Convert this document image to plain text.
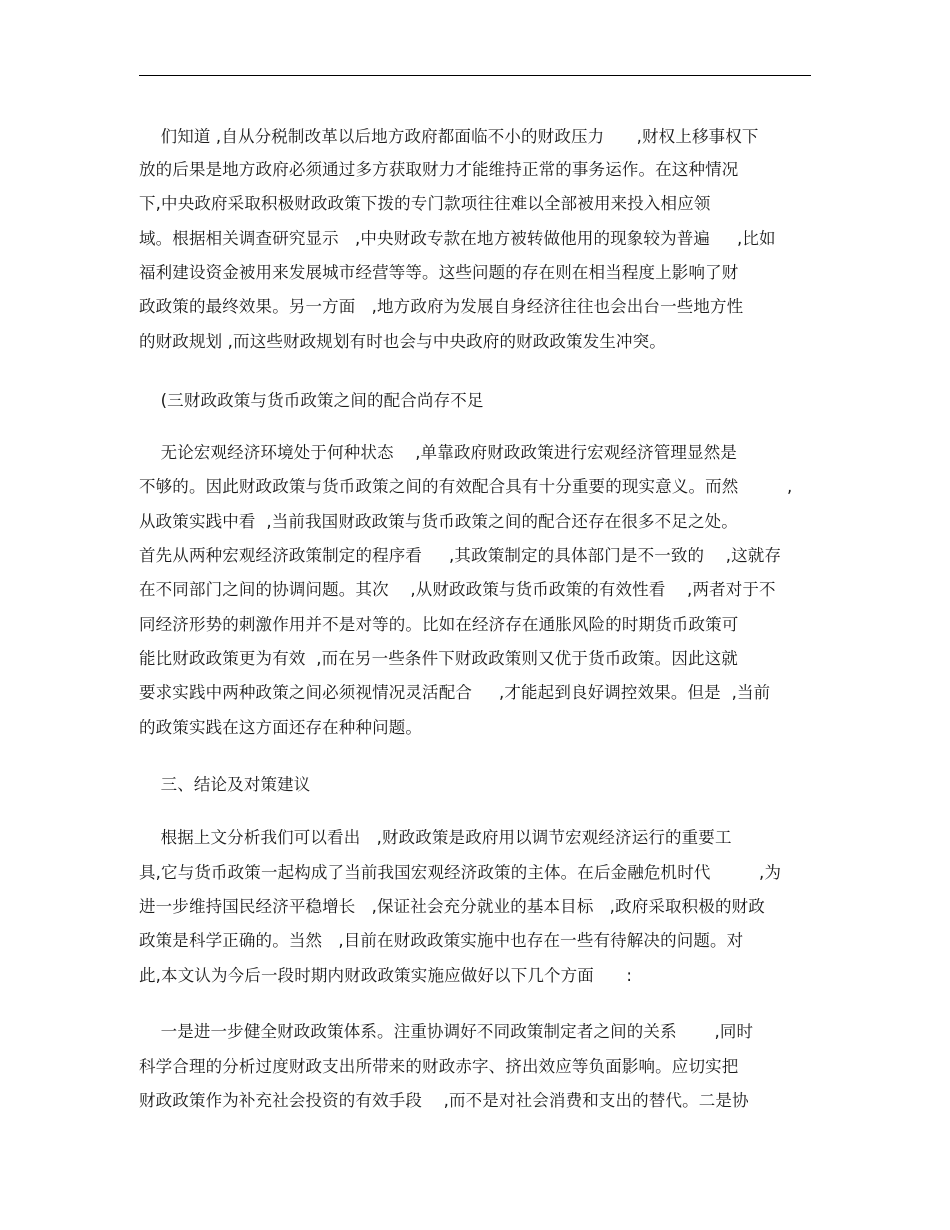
们知道 ,自从分税制改革以后地方政府都面临不小的财政压力      ,财权上移事权下
放的后果是地方政府必须通过多方获取财力才能维持正常的事务运作。在这种情况
下,中央政府采取积极财政政策下拨的专门款项往往难以全部被用来投入相应领
域。根据相关调查研究显示   ,中央财政专款在地方被转做他用的现象较为普遍     ,比如
福利建设资金被用来发展城市经营等等。这些问题的存在则在相当程度上影响了财
政政策的最终效果。另一方面   ,地方政府为发展自身经济往往也会出台一些地方性
的财政规划 ,而这些财政规划有时也会与中央政府的财政政策发生冲突。
(三财政政策与货币政策之间的配合尚存不足
无论宏观经济环境处于何种状态    ,单靠政府财政政策进行宏观经济管理显然是
不够的。因此财政政策与货币政策之间的有效配合具有十分重要的现实意义。而然         ,
从政策实践中看  ,当前我国财政政策与货币政策之间的配合还存在很多不足之处。
首先从两种宏观经济政策制定的程序看     ,其政策制定的具体部门是不一致的    ,这就存
在不同部门之间的协调问题。其次    ,从财政政策与货币政策的有效性看    ,两者对于不
同经济形势的刺激作用并不是对等的。比如在经济存在通胀风险的时期货币政策可
能比财政政策更为有效  ,而在另一些条件下财政政策则又优于货币政策。因此这就
要求实践中两种政策之间必须视情况灵活配合     ,才能起到良好调控效果。但是  ,当前
的政策实践在这方面还存在种种问题。
三、结论及对策建议
根据上文分析我们可以看出   ,财政政策是政府用以调节宏观经济运行的重要工
具,它与货币政策一起构成了当前我国宏观经济政策的主体。在后金融危机时代         ,为
进一步维持国民经济平稳增长   ,保证社会充分就业的基本目标   ,政府采取积极的财政
政策是科学正确的。当然   ,目前在财政政策实施中也存在一些有待解决的问题。对
此,本文认为今后一段时期内财政政策实施应做好以下几个方面      :
一是进一步健全财政政策体系。注重协调好不同政策制定者之间的关系       ,同时
科学合理的分析过度财政支出所带来的财政赤字、挤出效应等负面影响。应切实把
财政政策作为补充社会投资的有效手段    ,而不是对社会消费和支出的替代。二是协
